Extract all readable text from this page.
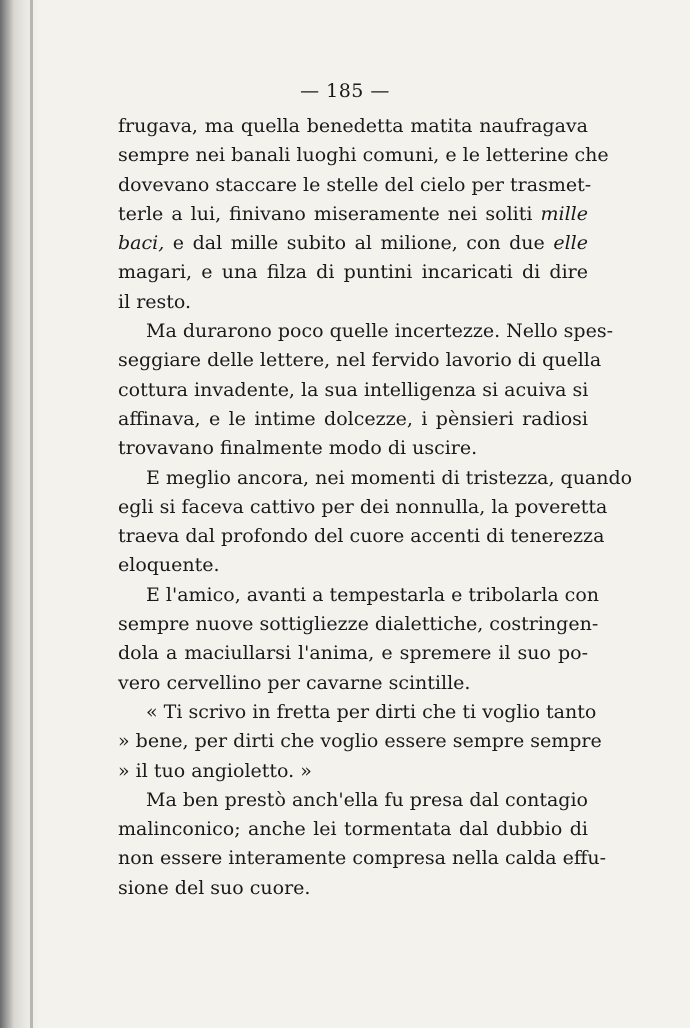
— 185 —
frugava, ma quella benedetta matita naufragava
sempre nei banali luoghi comuni, e le letterine che
dovevano staccare le stelle del cielo per trasmet-
terle a lui, finivano miseramente nei soliti mille
baci, e dal mille subito al milione, con due elle
magari, e una filza di puntini incaricati di dire
il resto.
Ma durarono poco quelle incertezze. Nello spes-
seggiare delle lettere, nel fervido lavorio di quella
cottura invadente, la sua intelligenza si acuiva si
affinava, e le intime dolcezze, i pènsieri radiosi
trovavano finalmente modo di uscire.
E meglio ancora, nei momenti di tristezza, quando
egli si faceva cattivo per dei nonnulla, la poveretta
traeva dal profondo del cuore accenti di tenerezza
eloquente.
E l'amico, avanti a tempestarla e tribolarla con
sempre nuove sottigliezze dialettiche, costringen-
dola a maciullarsi l'anima, e spremere il suo po-
vero cervellino per cavarne scintille.
« Ti scrivo in fretta per dirti che ti voglio tanto
» bene, per dirti che voglio essere sempre sempre
» il tuo angioletto. »
Ma ben prestò anch'ella fu presa dal contagio
malinconico; anche lei tormentata dal dubbio di
non essere interamente compresa nella calda effu-
sione del suo cuore.
